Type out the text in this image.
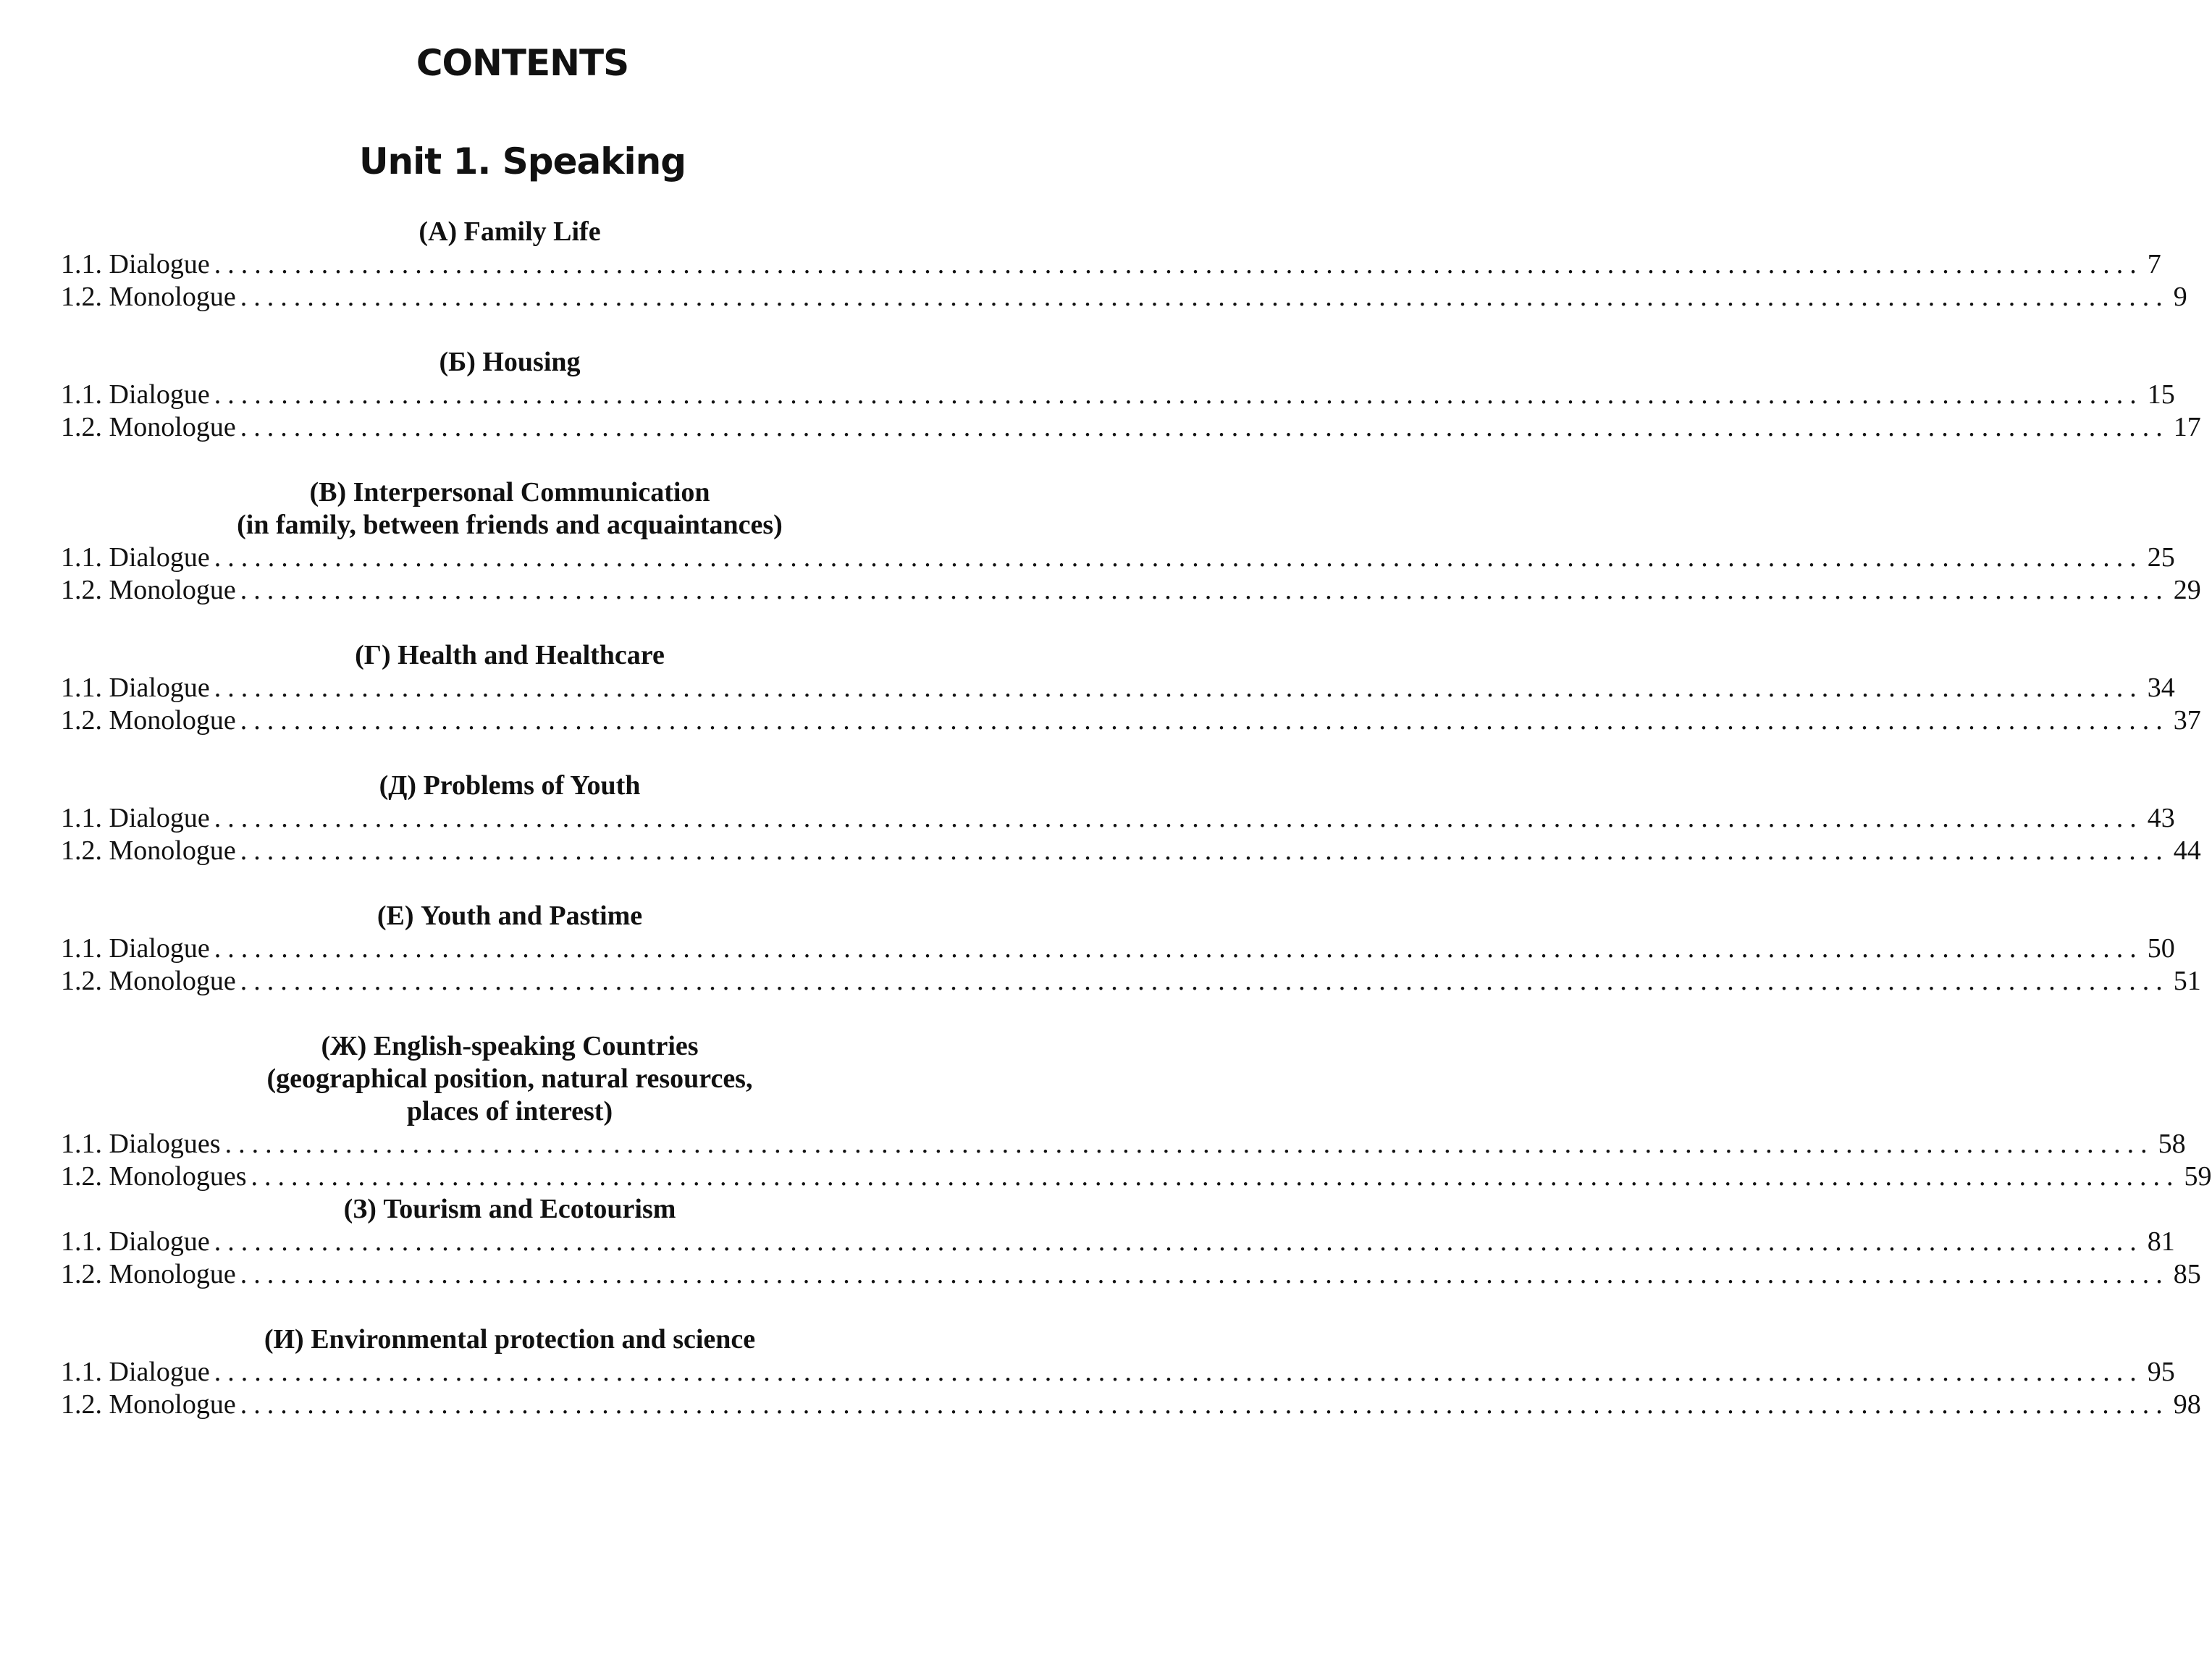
CONTENTS
Unit 1. Speaking
(A) Family Life
1.1. Dialogue ................................................................................................................................................ 7
1.2. Monologue ................................................................................................................................................ 9
(Б) Housing
1.1. Dialogue ................................................................................................................................................ 15
1.2. Monologue ................................................................................................................................................ 17
(В) Interpersonal Communication
(in family, between friends and acquaintances)
1.1. Dialogue ................................................................................................................................................ 25
1.2. Monologue ................................................................................................................................................ 29
(Г) Health and Healthcare
1.1. Dialogue ................................................................................................................................................ 34
1.2. Monologue ................................................................................................................................................ 37
(Д) Problems of Youth
1.1. Dialogue ................................................................................................................................................ 43
1.2. Monologue ................................................................................................................................................ 44
(Е) Youth and Pastime
1.1. Dialogue ................................................................................................................................................ 50
1.2. Monologue ................................................................................................................................................ 51
(Ж) English-speaking Countries
(geographical position, natural resources,
places of interest)
1.1. Dialogues ................................................................................................................................................ 58
1.2. Monologues ................................................................................................................................................ 59
(З) Tourism and Ecotourism
1.1. Dialogue ................................................................................................................................................ 81
1.2. Monologue ................................................................................................................................................ 85
(И) Environmental protection and science
1.1. Dialogue ................................................................................................................................................ 95
1.2. Monologue ................................................................................................................................................ 98
